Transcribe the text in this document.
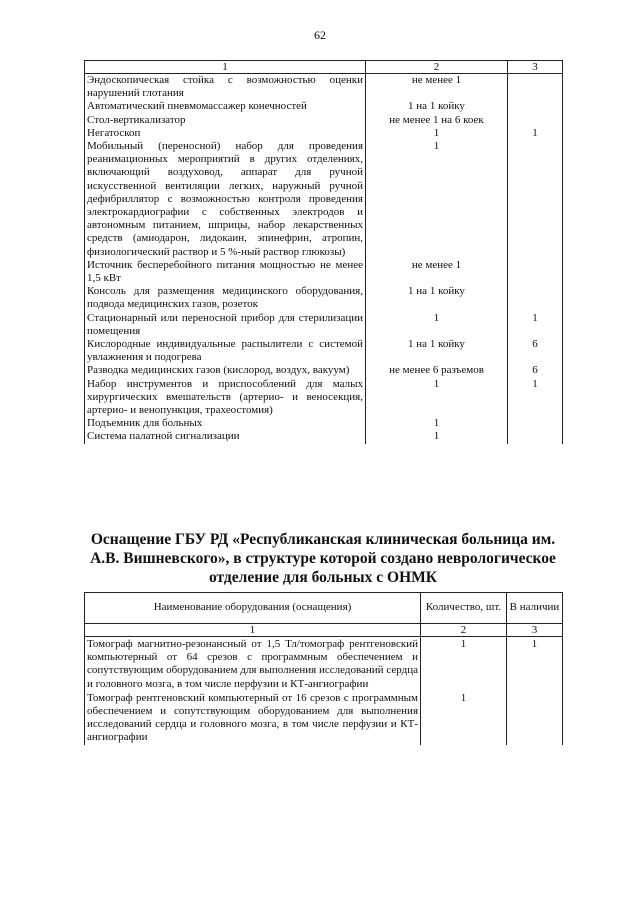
62
1	2	3
Эндоскопическая стойка с возможностью оценки нарушений глотания	не менее 1	
Автоматический пневмомассажер конечностей	1 на 1 койку	
Стол-вертикализатор	не менее 1 на 6 коек	
Негатоскоп	1	1
Мобильный (переносной) набор для проведения реанимационных мероприятий в других отделениях, включающий воздуховод, аппарат для ручной искусственной вентиляции легких, наружный ручной дефибриллятор с возможностью контроля проведения электрокардиографии с собственных электродов и автономным питанием, шприцы, набор лекарственных средств (амиодарон, лидокаин, эпинефрин, атропин, физиологический раствор и 5 %-ный раствор глюкозы)	1	
Источник бесперебойного питания мощностью не менее 1,5 кВт	не менее 1	
Консоль для размещения медицинского оборудования, подвода медицинских газов, розеток	1 на 1 койку	
Стационарный или переносной прибор для стерилизации помещения	1	1
Кислородные индивидуальные распылители с системой увлажнения и подогрева	1 на 1 койку	6
Разводка медицинских газов (кислород, воздух, вакуум)	не менее 6 разъемов	6
Набор инструментов и приспособлений для малых хирургических вмешательств (артерио- и веносекция, артерио- и венопункция, трахеостомия)	1	1
Подъемник для больных	1	
Система палатной сигнализации	1	
Оснащение ГБУ РД «Республиканская клиническая больница им. А.В. Вишневского», в структуре которой создано неврологическое отделение для больных с ОНМК
Наименование оборудования (оснащения)	Количество, шт.	В наличии
1	2	3
Томограф магнитно-резонансный от 1,5 Тл/томограф рентгеновский компьютерный от 64 срезов с программным обеспечением и сопутствующим оборудованием для выполнения исследований сердца и головного мозга, в том числе перфузии и КТ-ангиографии	1	1
Томограф рентгеновский компьютерный от 16 срезов с программным обеспечением и сопутствующим оборудованием для выполнения исследований сердца и головного мозга, в том числе перфузии и КТ-ангиографии	1	
